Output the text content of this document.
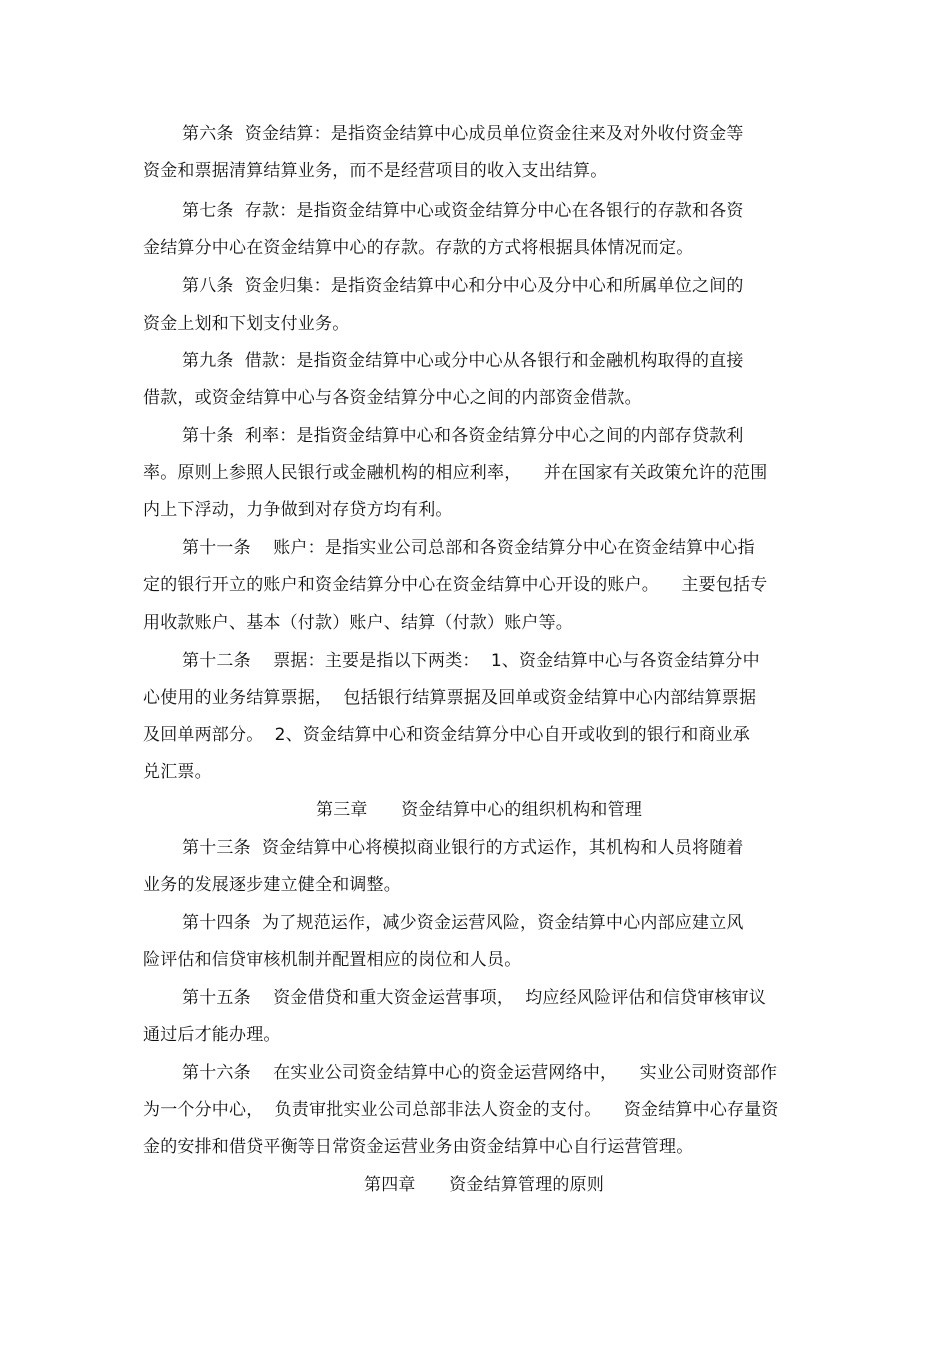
第六条  资金结算：是指资金结算中心成员单位资金往来及对外收付资金等
资金和票据清算结算业务，而不是经营项目的收入支出结算。
第七条  存款：是指资金结算中心或资金结算分中心在各银行的存款和各资
金结算分中心在资金结算中心的存款。存款的方式将根据具体情况而定。
第八条  资金归集：是指资金结算中心和分中心及分中心和所属单位之间的
资金上划和下划支付业务。
第九条  借款：是指资金结算中心或分中心从各银行和金融机构取得的直接
借款，或资金结算中心与各资金结算分中心之间的内部资金借款。
第十条  利率：是指资金结算中心和各资金结算分中心之间的内部存贷款利
率。原则上参照人民银行或金融机构的相应利率，    并在国家有关政策允许的范围
内上下浮动，力争做到对存贷方均有利。
第十一条    账户：是指实业公司总部和各资金结算分中心在资金结算中心指
定的银行开立的账户和资金结算分中心在资金结算中心开设的账户。    主要包括专
用收款账户、基本（付款）账户、结算（付款）账户等。
第十二条    票据：主要是指以下两类：  1、资金结算中心与各资金结算分中
心使用的业务结算票据，  包括银行结算票据及回单或资金结算中心内部结算票据
及回单两部分。  2、资金结算中心和资金结算分中心自开或收到的银行和商业承
兑汇票。
第三章      资金结算中心的组织机构和管理
第十三条  资金结算中心将模拟商业银行的方式运作，其机构和人员将随着
业务的发展逐步建立健全和调整。
第十四条  为了规范运作，减少资金运营风险，资金结算中心内部应建立风
险评估和信贷审核机制并配置相应的岗位和人员。
第十五条    资金借贷和重大资金运营事项，  均应经风险评估和信贷审核审议
通过后才能办理。
第十六条    在实业公司资金结算中心的资金运营网络中，    实业公司财资部作
为一个分中心，  负责审批实业公司总部非法人资金的支付。    资金结算中心存量资
金的安排和借贷平衡等日常资金运营业务由资金结算中心自行运营管理。
第四章      资金结算管理的原则
